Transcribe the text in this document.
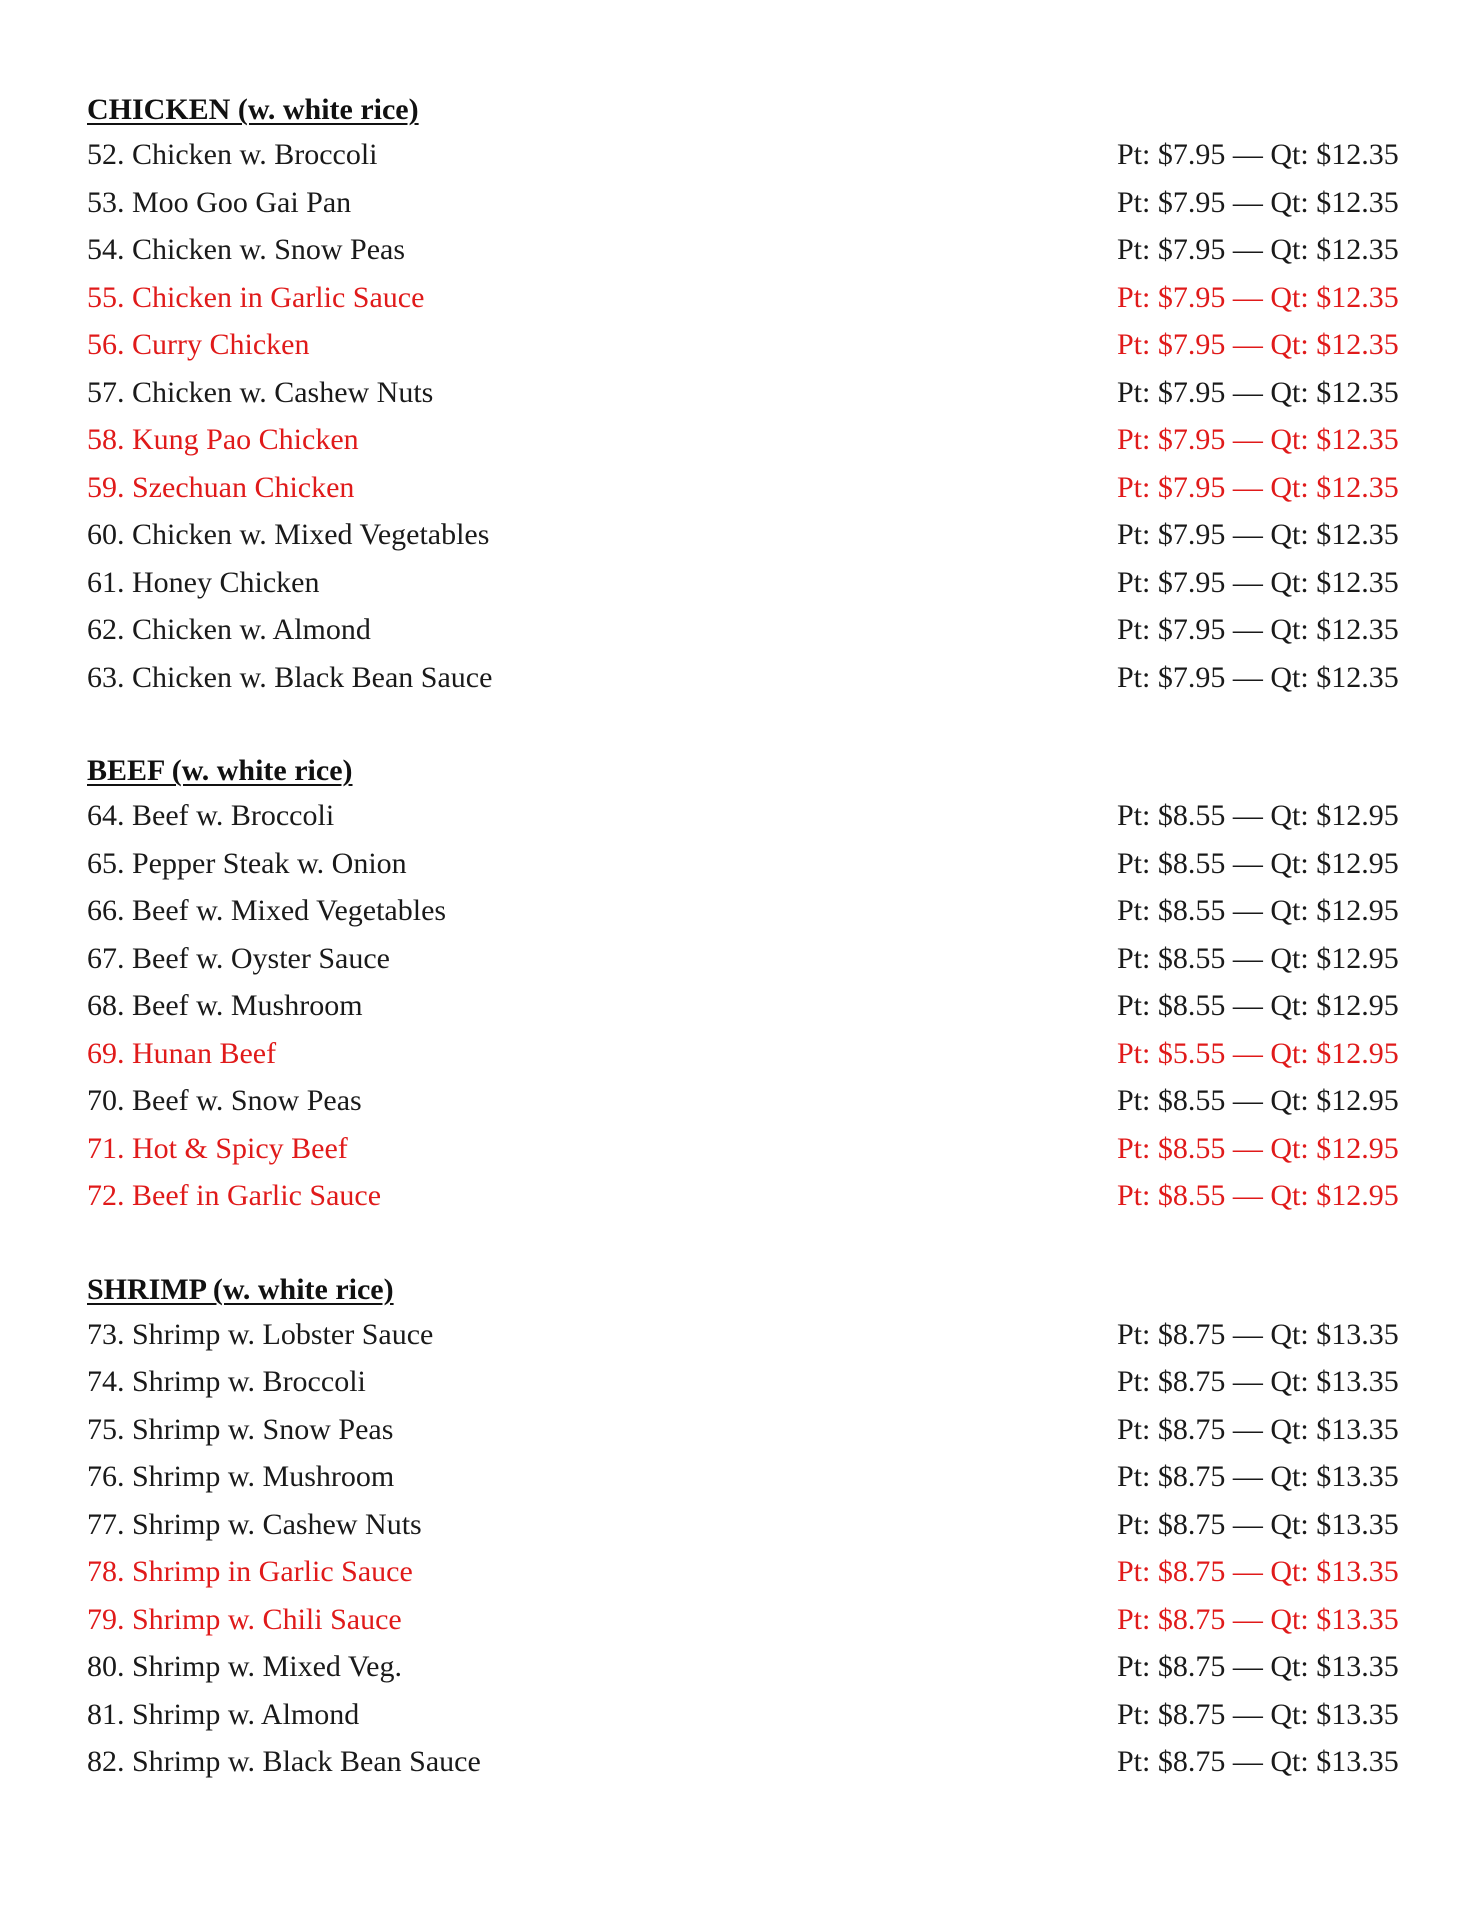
CHICKEN (w. white rice)
52. Chicken w. Broccoli	Pt: $7.95 — Qt: $12.35
53. Moo Goo Gai Pan	Pt: $7.95 — Qt: $12.35
54. Chicken w. Snow Peas	Pt: $7.95 — Qt: $12.35
55. Chicken in Garlic Sauce	Pt: $7.95 — Qt: $12.35
56. Curry Chicken	Pt: $7.95 — Qt: $12.35
57. Chicken w. Cashew Nuts	Pt: $7.95 — Qt: $12.35
58. Kung Pao Chicken	Pt: $7.95 — Qt: $12.35
59. Szechuan Chicken	Pt: $7.95 — Qt: $12.35
60. Chicken w. Mixed Vegetables	Pt: $7.95 — Qt: $12.35
61. Honey Chicken	Pt: $7.95 — Qt: $12.35
62. Chicken w. Almond	Pt: $7.95 — Qt: $12.35
63. Chicken w. Black Bean Sauce	Pt: $7.95 — Qt: $12.35
BEEF (w. white rice)
64. Beef w. Broccoli	Pt: $8.55 — Qt: $12.95
65. Pepper Steak w. Onion	Pt: $8.55 — Qt: $12.95
66. Beef w. Mixed Vegetables	Pt: $8.55 — Qt: $12.95
67. Beef w. Oyster Sauce	Pt: $8.55 — Qt: $12.95
68. Beef w. Mushroom	Pt: $8.55 — Qt: $12.95
69. Hunan Beef	Pt: $5.55 — Qt: $12.95
70. Beef w. Snow Peas	Pt: $8.55 — Qt: $12.95
71. Hot & Spicy Beef	Pt: $8.55 — Qt: $12.95
72. Beef in Garlic Sauce	Pt: $8.55 — Qt: $12.95
SHRIMP (w. white rice)
73. Shrimp w. Lobster Sauce	Pt: $8.75 — Qt: $13.35
74. Shrimp w. Broccoli	Pt: $8.75 — Qt: $13.35
75. Shrimp w. Snow Peas	Pt: $8.75 — Qt: $13.35
76. Shrimp w. Mushroom	Pt: $8.75 — Qt: $13.35
77. Shrimp w. Cashew Nuts	Pt: $8.75 — Qt: $13.35
78. Shrimp in Garlic Sauce	Pt: $8.75 — Qt: $13.35
79. Shrimp w. Chili Sauce	Pt: $8.75 — Qt: $13.35
80. Shrimp w. Mixed Veg.	Pt: $8.75 — Qt: $13.35
81. Shrimp w. Almond	Pt: $8.75 — Qt: $13.35
82. Shrimp w. Black Bean Sauce	Pt: $8.75 — Qt: $13.35
